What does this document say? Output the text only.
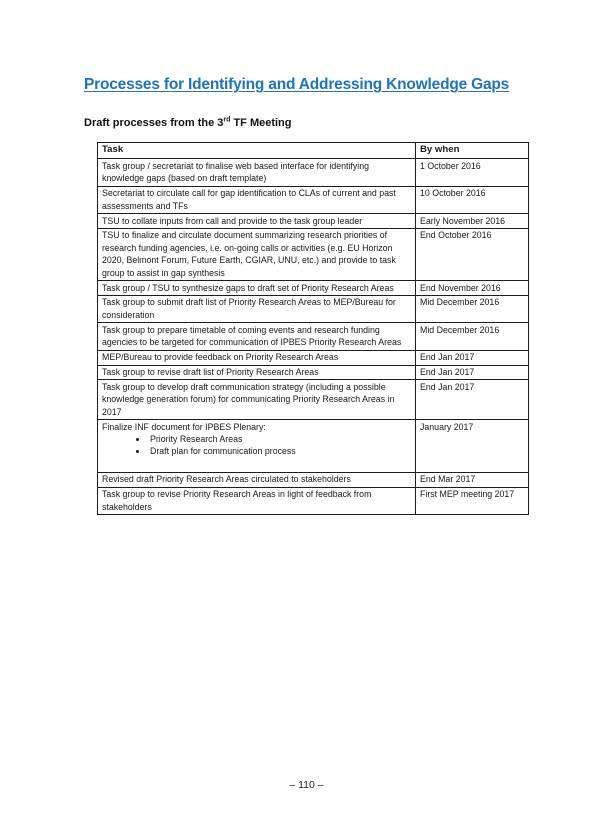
Processes for Identifying and Addressing Knowledge Gaps

Draft processes from the 3rd TF Meeting

Task	By when
Task group / secretariat to finalise web based interface for identifying knowledge gaps (based on draft template)	1 October 2016
Secretariat to circulate call for gap identification to CLAs of current and past assessments and TFs	10 October 2016
TSU to collate inputs from call and provide to the task group leader	Early November 2016
TSU to finalize and circulate document summarizing research priorities of research funding agencies, i.e. on-going calls or activities (e.g. EU Horizon 2020, Belmont Forum, Future Earth, CGIAR, UNU, etc.) and provide to task group to assist in gap synthesis	End October 2016
Task group / TSU to synthesize gaps to draft set of Priority Research Areas	End November 2016
Task group to submit draft list of Priority Research Areas to MEP/Bureau for consideration	Mid December 2016
Task group to prepare timetable of coming events and research funding agencies to be targeted for communication of IPBES Priority Research Areas	Mid December 2016
MEP/Bureau to provide feedback on Priority Research Areas	End Jan 2017
Task group to revise draft list of Priority Research Areas	End Jan 2017
Task group to develop draft communication strategy (including a possible knowledge generation forum) for communicating Priority Research Areas in 2017	End Jan 2017
Finalize INF document for IPBES Plenary:
• Priority Research Areas
• Draft plan for communication process
	January 2017
Revised draft Priority Research Areas circulated to stakeholders	End Mar 2017
Task group to revise Priority Research Areas in light of feedback from stakeholders	First MEP meeting 2017
– 110 –
